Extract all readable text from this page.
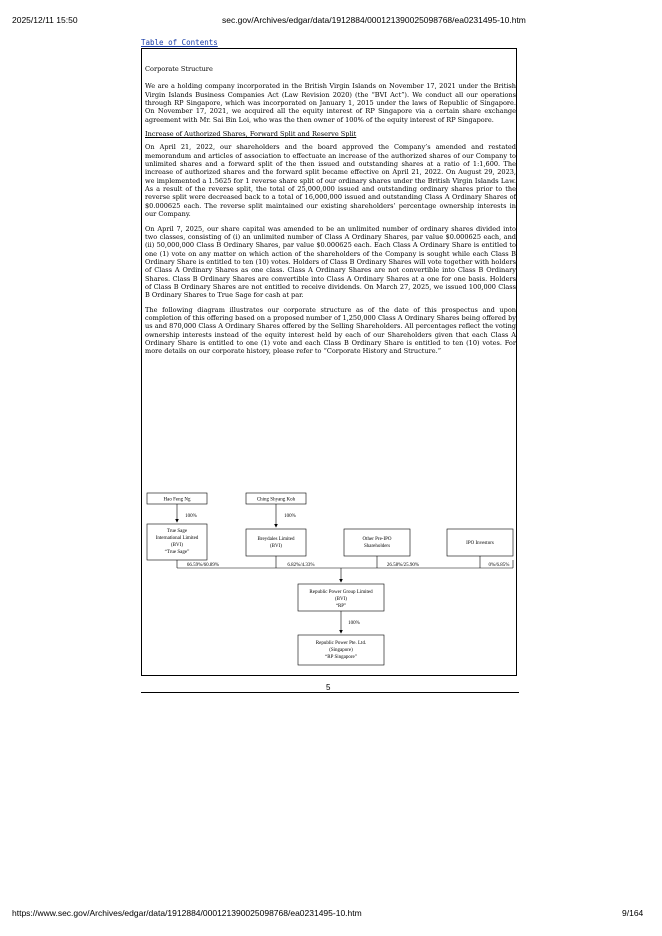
2025/12/11 15:50	sec.gov/Archives/edgar/data/1912884/000121390025098768/ea0231495-10.htm
Table of Contents

Corporate Structure

We are a holding company incorporated in the British Virgin Islands on November 17, 2021 under the British Virgin Islands Business Companies Act (Law Revision 2020) (the “BVI Act”). We conduct all our operations through RP Singapore, which was incorporated on January 1, 2015 under the laws of Republic of Singapore. On November 17, 2021, we acquired all the equity interest of RP Singapore via a certain share exchange agreement with Mr. Sai Bin Loi, who was the then owner of 100% of the equity interest of RP Singapore.

Increase of Authorized Shares, Forward Split and Reserve Split

On April 21, 2022, our shareholders and the board approved the Company’s amended and restated memorandum and articles of association to effectuate an increase of the authorized shares of our Company to unlimited shares and a forward split of the then issued and outstanding shares at a ratio of 1:1,600. The increase of authorized shares and the forward split became effective on April 21, 2022. On August 29, 2023, we implemented a 1.5625 for 1 reverse share split of our ordinary shares under the British Virgin Islands Law. As a result of the reverse split, the total of 25,000,000 issued and outstanding ordinary shares prior to the reverse split were decreased back to a total of 16,000,000 issued and outstanding Class A Ordinary Shares of $0.000625 each. The reverse split maintained our existing shareholders’ percentage ownership interests in our Company.

On April 7, 2025, our share capital was amended to be an unlimited number of ordinary shares divided into two classes, consisting of (i) an unlimited number of Class A Ordinary Shares, par value $0.000625 each, and (ii) 50,000,000 Class B Ordinary Shares, par value $0.000625 each. Each Class A Ordinary Share is entitled to one (1) vote on any matter on which action of the shareholders of the Company is sought while each Class B Ordinary Share is entitled to ten (10) votes. Holders of Class B Ordinary Shares will vote together with holders of Class A Ordinary Shares as one class. Class A Ordinary Shares are not convertible into Class B Ordinary Shares. Class B Ordinary Shares are convertible into Class A Ordinary Shares at a one for one basis. Holders of Class B Ordinary Shares are not entitled to receive dividends. On March 27, 2025, we issued 100,000 Class B Ordinary Shares to True Sage for cash at par.

The following diagram illustrates our corporate structure as of the date of this prospectus and upon completion of this offering based on a proposed number of 1,250,000 Class A Ordinary Shares being offered by us and 870,000 Class A Ordinary Shares offered by the Selling Shareholders. All percentages reflect the voting ownership interests instead of the equity interest held by each of our Shareholders given that each Class A Ordinary Share is entitled to one (1) vote and each Class B Ordinary Share is entitled to ten (10) votes. For more details on our corporate history, please refer to “Corporate History and Structure.”

Hao Feng Ng
100%
Ching Shyang Koh
100%
True Sage
International Limited
(BVI)
“True Sage”
Breydales Limited
(BVI)
Other Pre-IPO
Shareholders
IPO Investors
66.59%/60.89%	6.82%/4.33%	26.58%/25.90%	0%/6.85%
Republic Power Group Limited
(BVI)
“RP”
100%
Republic Power Pte. Ltd.
(Singapore)
“RP Singapore”
5
https://www.sec.gov/Archives/edgar/data/1912884/000121390025098768/ea0231495-10.htm	9/164
